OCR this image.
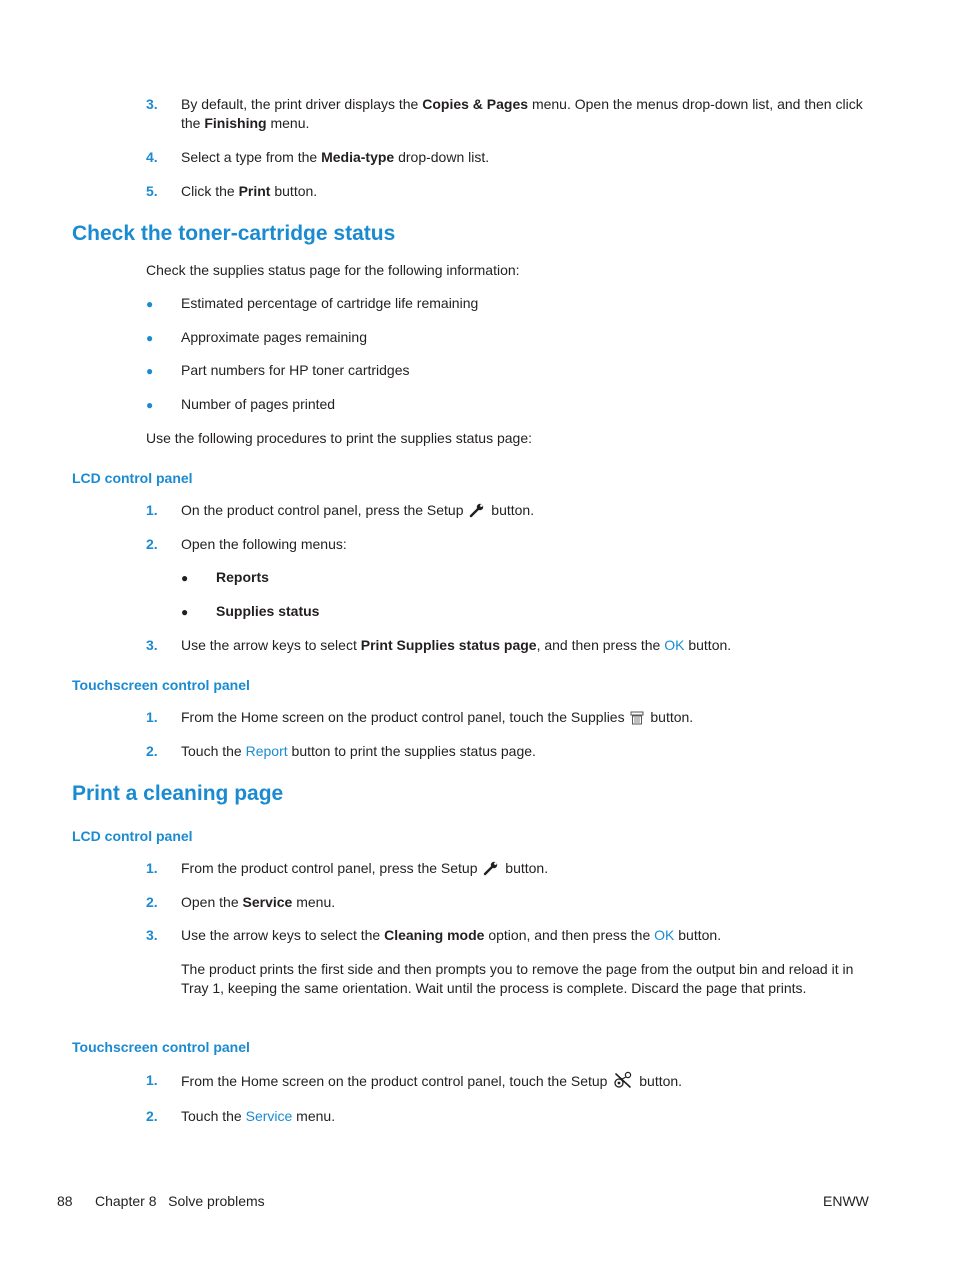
3. By default, the print driver displays the Copies & Pages menu. Open the menus drop-down list, and then click the Finishing menu.
4. Select a type from the Media-type drop-down list.
5. Click the Print button.
Check the toner-cartridge status
Check the supplies status page for the following information:
● Estimated percentage of cartridge life remaining
● Approximate pages remaining
● Part numbers for HP toner cartridges
● Number of pages printed
Use the following procedures to print the supplies status page:
LCD control panel
1. On the product control panel, press the Setup  button.
2. Open the following menus:
● Reports
● Supplies status
3. Use the arrow keys to select Print Supplies status page, and then press the OK button.
Touchscreen control panel
1. From the Home screen on the product control panel, touch the Supplies  button.
2. Touch the Report button to print the supplies status page.
Print a cleaning page
LCD control panel
1. From the product control panel, press the Setup  button.
2. Open the Service menu.
3. Use the arrow keys to select the Cleaning mode option, and then press the OK button.
The product prints the first side and then prompts you to remove the page from the output bin and reload it in Tray 1, keeping the same orientation. Wait until the process is complete. Discard the page that prints.
Touchscreen control panel
1. From the Home screen on the product control panel, touch the Setup  button.
2. Touch the Service menu.
88 Chapter 8   Solve problems	ENWW
